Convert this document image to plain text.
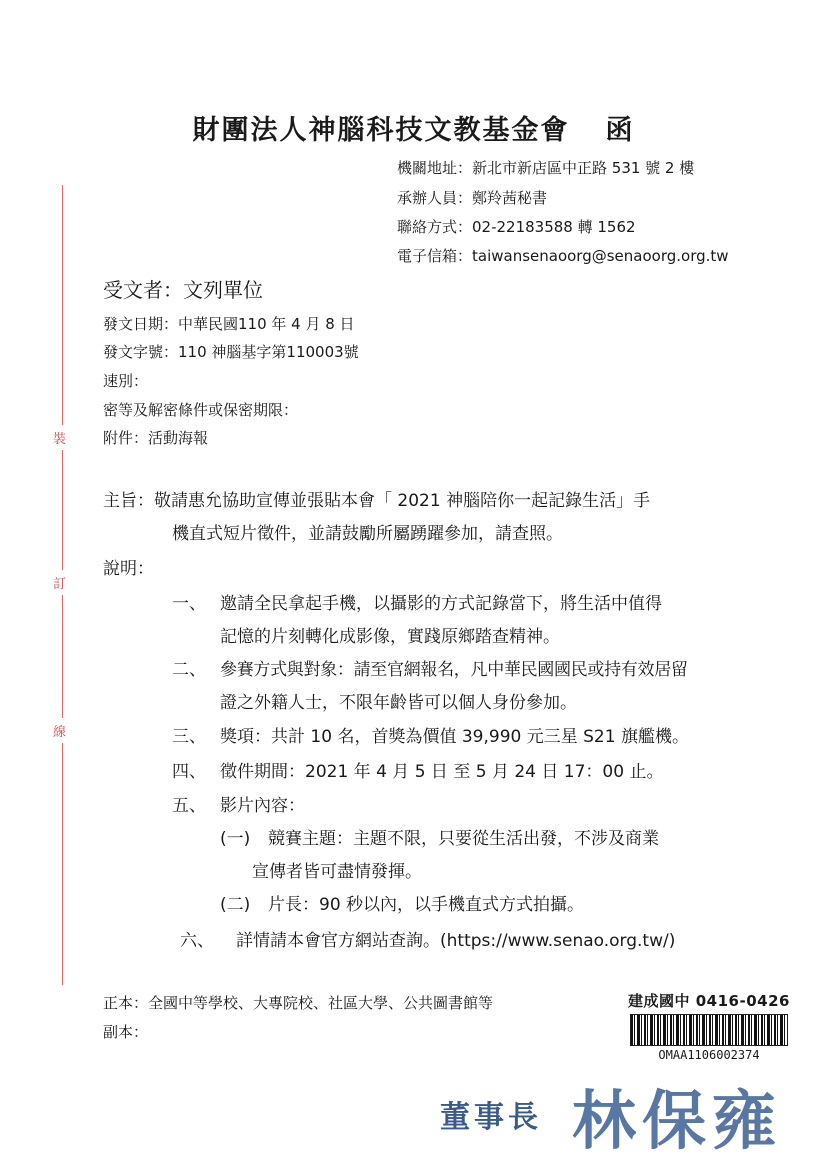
財團法人神腦科技文教基金會 函
機關地址：新北市新店區中正路 531 號 2 樓
承辦人員：鄭羚茜秘書
聯絡方式：02-22183588 轉 1562
電子信箱：taiwansenaoorg@senaoorg.org.tw
裝
訂
線
受文者：文列單位
發文日期：中華民國110 年 4 月 8 日
發文字號：110 神腦基字第110003號
速別：
密等及解密條件或保密期限：
附件：活動海報
主旨：敬請惠允協助宣傳並張貼本會「 2021 神腦陪你一起記錄生活」手
機直式短片徵件，並請鼓勵所屬踴躍參加，請查照。
說明：
一、 邀請全民拿起手機，以攝影的方式記錄當下，將生活中值得
記憶的片刻轉化成影像，實踐原鄉踏查精神。
二、 參賽方式與對象：請至官網報名，凡中華民國國民或持有效居留
證之外籍人士，不限年齡皆可以個人身份參加。
三、 獎項：共計 10 名，首獎為價值 39,990 元三星 S21 旗艦機。
四、 徵件期間：2021 年 4 月 5 日 至 5 月 24 日 17：00 止。
五、 影片內容：
(一) 競賽主題：主題不限，只要從生活出發，不涉及商業
宣傳者皆可盡情發揮。
(二) 片長：90 秒以內，以手機直式方式拍攝。
六、 詳情請本會官方網站查詢。(https://www.senao.org.tw/)
正本：全國中等學校、大專院校、社區大學、公共圖書館等
副本：
建成國中 0416-0426
OMAA1106002374
董事長 林保雍
